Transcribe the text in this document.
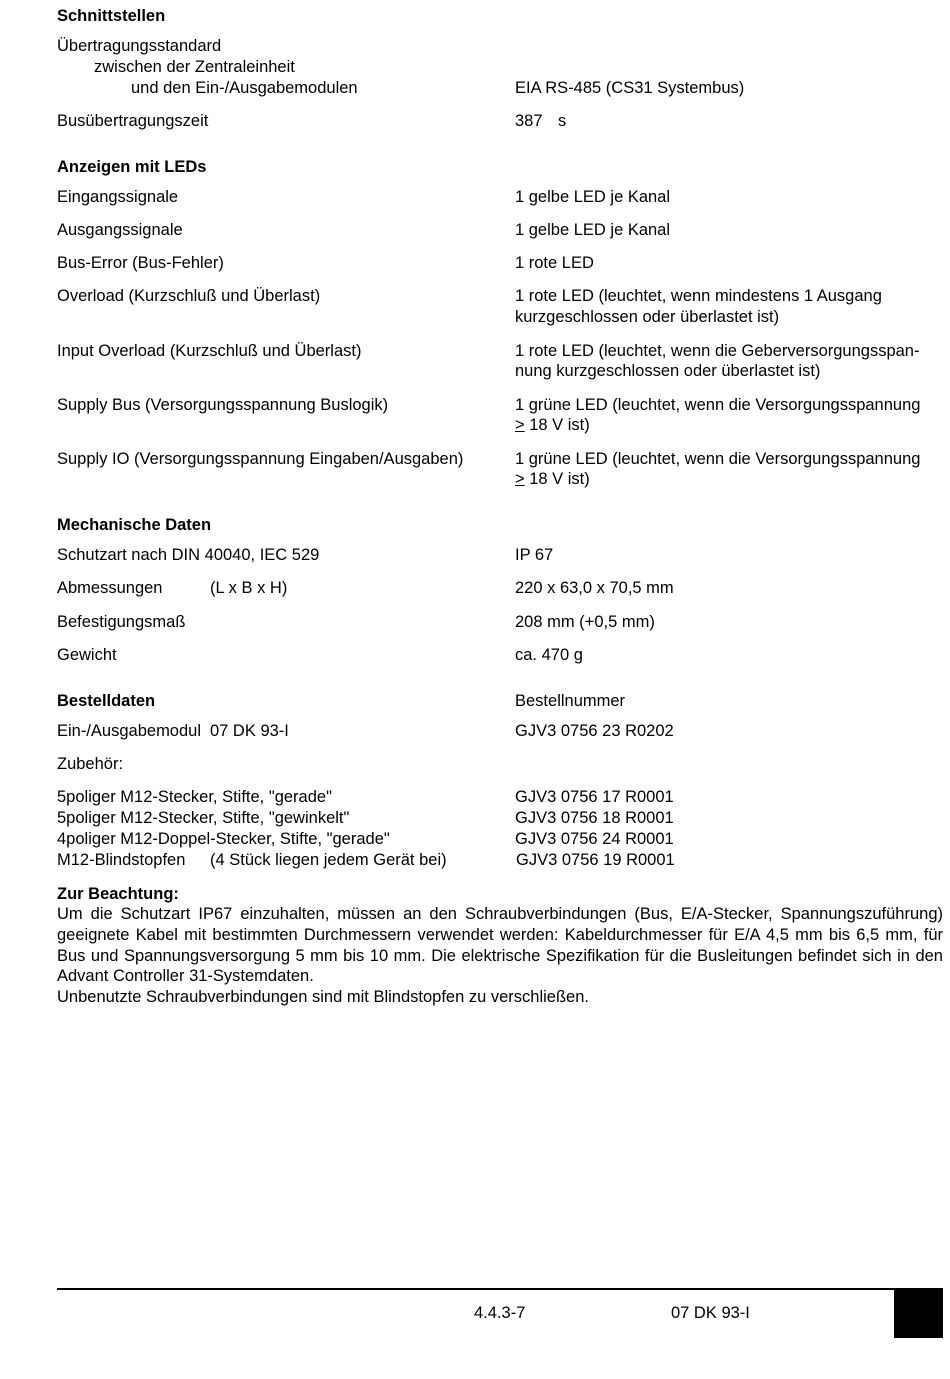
Schnittstellen
Übertragungsstandard
zwischen der Zentraleinheit
und den Ein-/Ausgabemodulen	EIA RS-485 (CS31 Systembus)
Busübertragungszeit	387 s
Anzeigen mit LEDs
Eingangssignale	1 gelbe LED je Kanal
Ausgangssignale	1 gelbe LED je Kanal
Bus-Error (Bus-Fehler)	1 rote LED
Overload (Kurzschluß und Überlast)	1 rote LED (leuchtet, wenn mindestens 1 Ausgang
kurzgeschlossen oder überlastet ist)
Input Overload (Kurzschluß und Überlast)	1 rote LED (leuchtet, wenn die Geberversorgungsspan-
nung kurzgeschlossen oder überlastet ist)
Supply Bus (Versorgungsspannung Buslogik)	1 grüne LED (leuchtet, wenn die Versorgungsspannung
≥ 18 V ist)
Supply IO (Versorgungsspannung Eingaben/Ausgaben)	1 grüne LED (leuchtet, wenn die Versorgungsspannung
≥ 18 V ist)
Mechanische Daten
Schutzart nach DIN 40040, IEC 529	IP 67
Abmessungen	(L x B x H)	220 x 63,0 x 70,5 mm
Befestigungsmaß	208 mm (+0,5 mm)
Gewicht	ca. 470 g
Bestelldaten	Bestellnummer
Ein-/Ausgabemodul 07 DK 93-I	GJV3 0756 23 R0202
Zubehör:
5poliger M12-Stecker, Stifte, "gerade"	GJV3 0756 17 R0001
5poliger M12-Stecker, Stifte, "gewinkelt"	GJV3 0756 18 R0001
4poliger M12-Doppel-Stecker, Stifte, "gerade"	GJV3 0756 24 R0001
M12-Blindstopfen (4 Stück liegen jedem Gerät bei)	GJV3 0756 19 R0001
Zur Beachtung:
Um die Schutzart IP67 einzuhalten, müssen an den Schraubverbindungen (Bus, E/A-Stecker, Spannungszuführung) geeignete Kabel mit bestimmten Durchmessern verwendet werden: Kabeldurchmesser für E/A 4,5 mm bis 6,5 mm, für Bus und Spannungsversorgung 5 mm bis 10 mm. Die elektrische Spezifikation für die Busleitungen befindet sich in den Advant Controller 31-Systemdaten.
Unbenutzte Schraubverbindungen sind mit Blindstopfen zu verschließen.
4.4.3-7	07 DK 93-I
